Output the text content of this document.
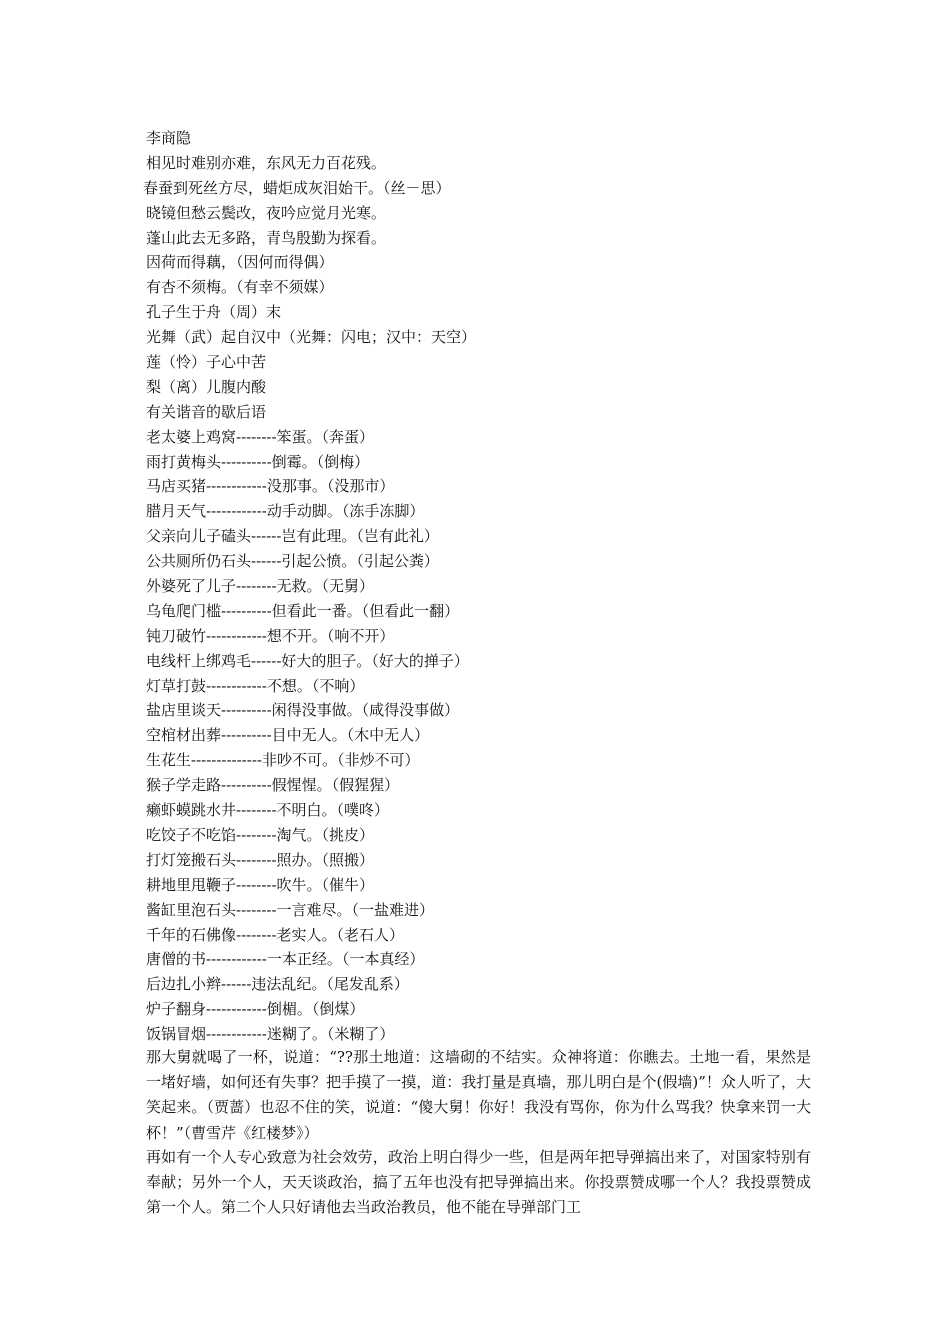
李商隐
相见时难别亦难，东风无力百花残。
春蚕到死丝方尽，蜡炬成灰泪始干。（丝－思）
晓镜但愁云鬓改，夜吟应觉月光寒。
蓬山此去无多路，青鸟殷勤为探看。
因荷而得藕，（因何而得偶）
有杏不须梅。（有幸不须媒）
孔子生于舟（周）末
光舞（武）起自汉中（光舞：闪电；汉中：天空）
莲（怜）子心中苦
梨（离）儿腹内酸
有关谐音的歇后语
老太婆上鸡窝--------笨蛋。（奔蛋）
雨打黄梅头----------倒霉。（倒梅）
马店买猪------------没那事。（没那市）
腊月天气------------动手动脚。（冻手冻脚）
父亲向儿子磕头------岂有此理。（岂有此礼）
公共厕所仍石头------引起公愤。（引起公粪）
外婆死了儿子--------无救。（无舅）
乌龟爬门槛----------但看此一番。（但看此一翻）
钝刀破竹------------想不开。（响不开）
电线杆上绑鸡毛------好大的胆子。（好大的掸子）
灯草打鼓------------不想。（不响）
盐店里谈天----------闲得没事做。（咸得没事做）
空棺材出葬----------目中无人。（木中无人）
生花生--------------非吵不可。（非炒不可）
猴子学走路----------假惺惺。（假猩猩）
癞虾蟆跳水井--------不明白。（噗咚）
吃饺子不吃馅--------淘气。（挑皮）
打灯笼搬石头--------照办。（照搬）
耕地里甩鞭子--------吹牛。（催牛）
酱缸里泡石头--------一言难尽。（一盐难进）
千年的石佛像--------老实人。（老石人）
唐僧的书------------一本正经。（一本真经）
后边扎小辫------违法乱纪。（尾发乱系）
炉子翻身------------倒楣。（倒煤）
饭锅冒烟------------迷糊了。（米糊了）
那大舅就喝了一杯，说道：“??那土地道：这墙砌的不结实。众神将道：你瞧去。土地一看，果然是一堵好墙，如何还有失事？把手摸了一摸，道：我打量是真墙，那儿明白是个(假墙)”！众人听了，大笑起来。（贾蔷）也忍不住的笑，说道：“傻大舅！你好！我没有骂你，你为什么骂我？快拿来罚一大杯！”（曹雪芹《红楼梦》）
再如有一个人专心致意为社会效劳，政治上明白得少一些，但是两年把导弹搞出来了，对国家特别有奉献；另外一个人，天天谈政治，搞了五年也没有把导弹搞出来。你投票赞成哪一个人？我投票赞成第一个人。第二个人只好请他去当政治教员，他不能在导弹部门工
